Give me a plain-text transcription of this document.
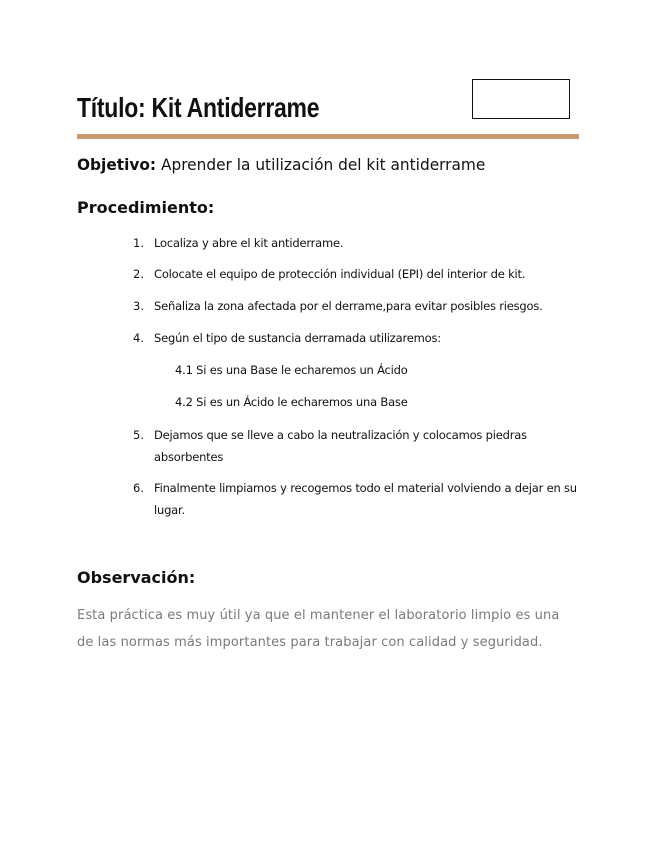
Título: Kit Antiderrame
Objetivo: Aprender la utilización del kit antiderrame
Procedimiento:
1. Localiza y abre el kit antiderrame.
2. Colocate el equipo de protección individual (EPI) del interior de kit.
3. Señaliza la zona afectada por el derrame,para evitar posibles riesgos.
4. Según el tipo de sustancia derramada utilizaremos:
4.1 Si es una Base le echaremos un Ácido
4.2 Si es un Ácido le echaremos una Base
5. Dejamos que se lleve a cabo la neutralización y colocamos piedras absorbentes
6. Finalmente limpiamos y recogemos todo el material volviendo a dejar en su lugar.
Observación:

Esta práctica es muy útil ya que el mantener el laboratorio limpio es una de las normas más importantes para trabajar con calidad y seguridad.
